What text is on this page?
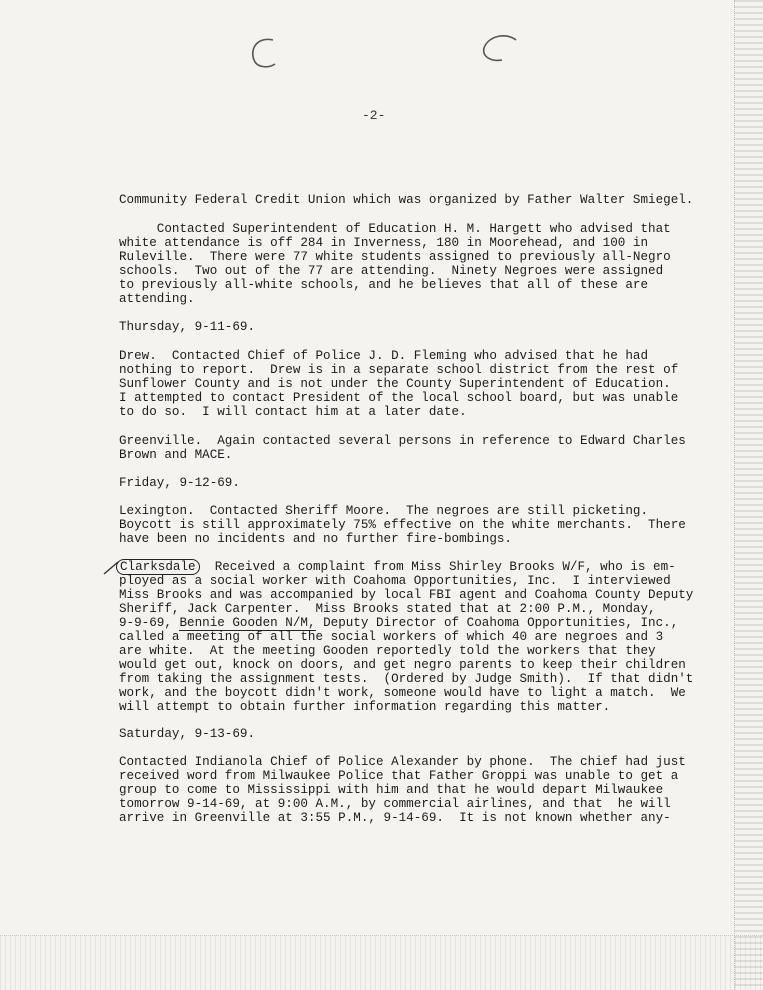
-2-
Community Federal Credit Union which was organized by Father Walter Smiegel.
Contacted Superintendent of Education H. M. Hargett who advised that
white attendance is off 284 in Inverness, 180 in Moorehead, and 100 in
Ruleville.  There were 77 white students assigned to previously all-Negro
schools.  Two out of the 77 are attending.  Ninety Negroes were assigned
to previously all-white schools, and he believes that all of these are
attending.
Thursday, 9-11-69.
Drew.  Contacted Chief of Police J. D. Fleming who advised that he had
nothing to report.  Drew is in a separate school district from the rest of
Sunflower County and is not under the County Superintendent of Education.
I attempted to contact President of the local school board, but was unable
to do so.  I will contact him at a later date.
Greenville.  Again contacted several persons in reference to Edward Charles
Brown and MACE.
Friday, 9-12-69.
Lexington.  Contacted Sheriff Moore.  The negroes are still picketing.
Boycott is still approximately 75% effective on the white merchants.  There
have been no incidents and no further fire-bombings.
Clarksdale  Received a complaint from Miss Shirley Brooks W/F, who is em-
ployed as a social worker with Coahoma Opportunities, Inc.  I interviewed
Miss Brooks and was accompanied by local FBI agent and Coahoma County Deputy
Sheriff, Jack Carpenter.  Miss Brooks stated that at 2:00 P.M., Monday,
9-9-69, Bennie Gooden N/M, Deputy Director of Coahoma Opportunities, Inc.,
called a meeting of all the social workers of which 40 are negroes and 3
are white.  At the meeting Gooden reportedly told the workers that they
would get out, knock on doors, and get negro parents to keep their children
from taking the assignment tests.  (Ordered by Judge Smith).  If that didn't
work, and the boycott didn't work, someone would have to light a match.  We
will attempt to obtain further information regarding this matter.
Saturday, 9-13-69.
Contacted Indianola Chief of Police Alexander by phone.  The chief had just
received word from Milwaukee Police that Father Groppi was unable to get a
group to come to Mississippi with him and that he would depart Milwaukee
tomorrow 9-14-69, at 9:00 A.M., by commercial airlines, and that  he will
arrive in Greenville at 3:55 P.M., 9-14-69.  It is not known whether any-
